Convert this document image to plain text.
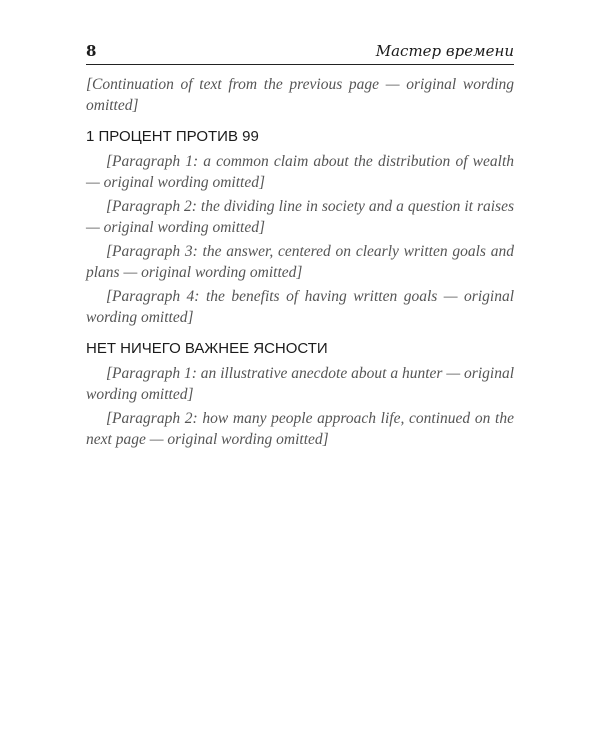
8	Мастер времени

[Continuation of text from the previous page — original wording omitted]

1 ПРОЦЕНТ ПРОТИВ 99

[Paragraph 1: a common claim about the distribution of wealth — original wording omitted]

[Paragraph 2: the dividing line in society and a question it raises — original wording omitted]

[Paragraph 3: the answer, centered on clearly written goals and plans — original wording omitted]

[Paragraph 4: the benefits of having written goals — original wording omitted]

НЕТ НИЧЕГО ВАЖНЕЕ ЯСНОСТИ

[Paragraph 1: an illustrative anecdote about a hunter — original wording omitted]

[Paragraph 2: how many people approach life, continued on the next page — original wording omitted]
